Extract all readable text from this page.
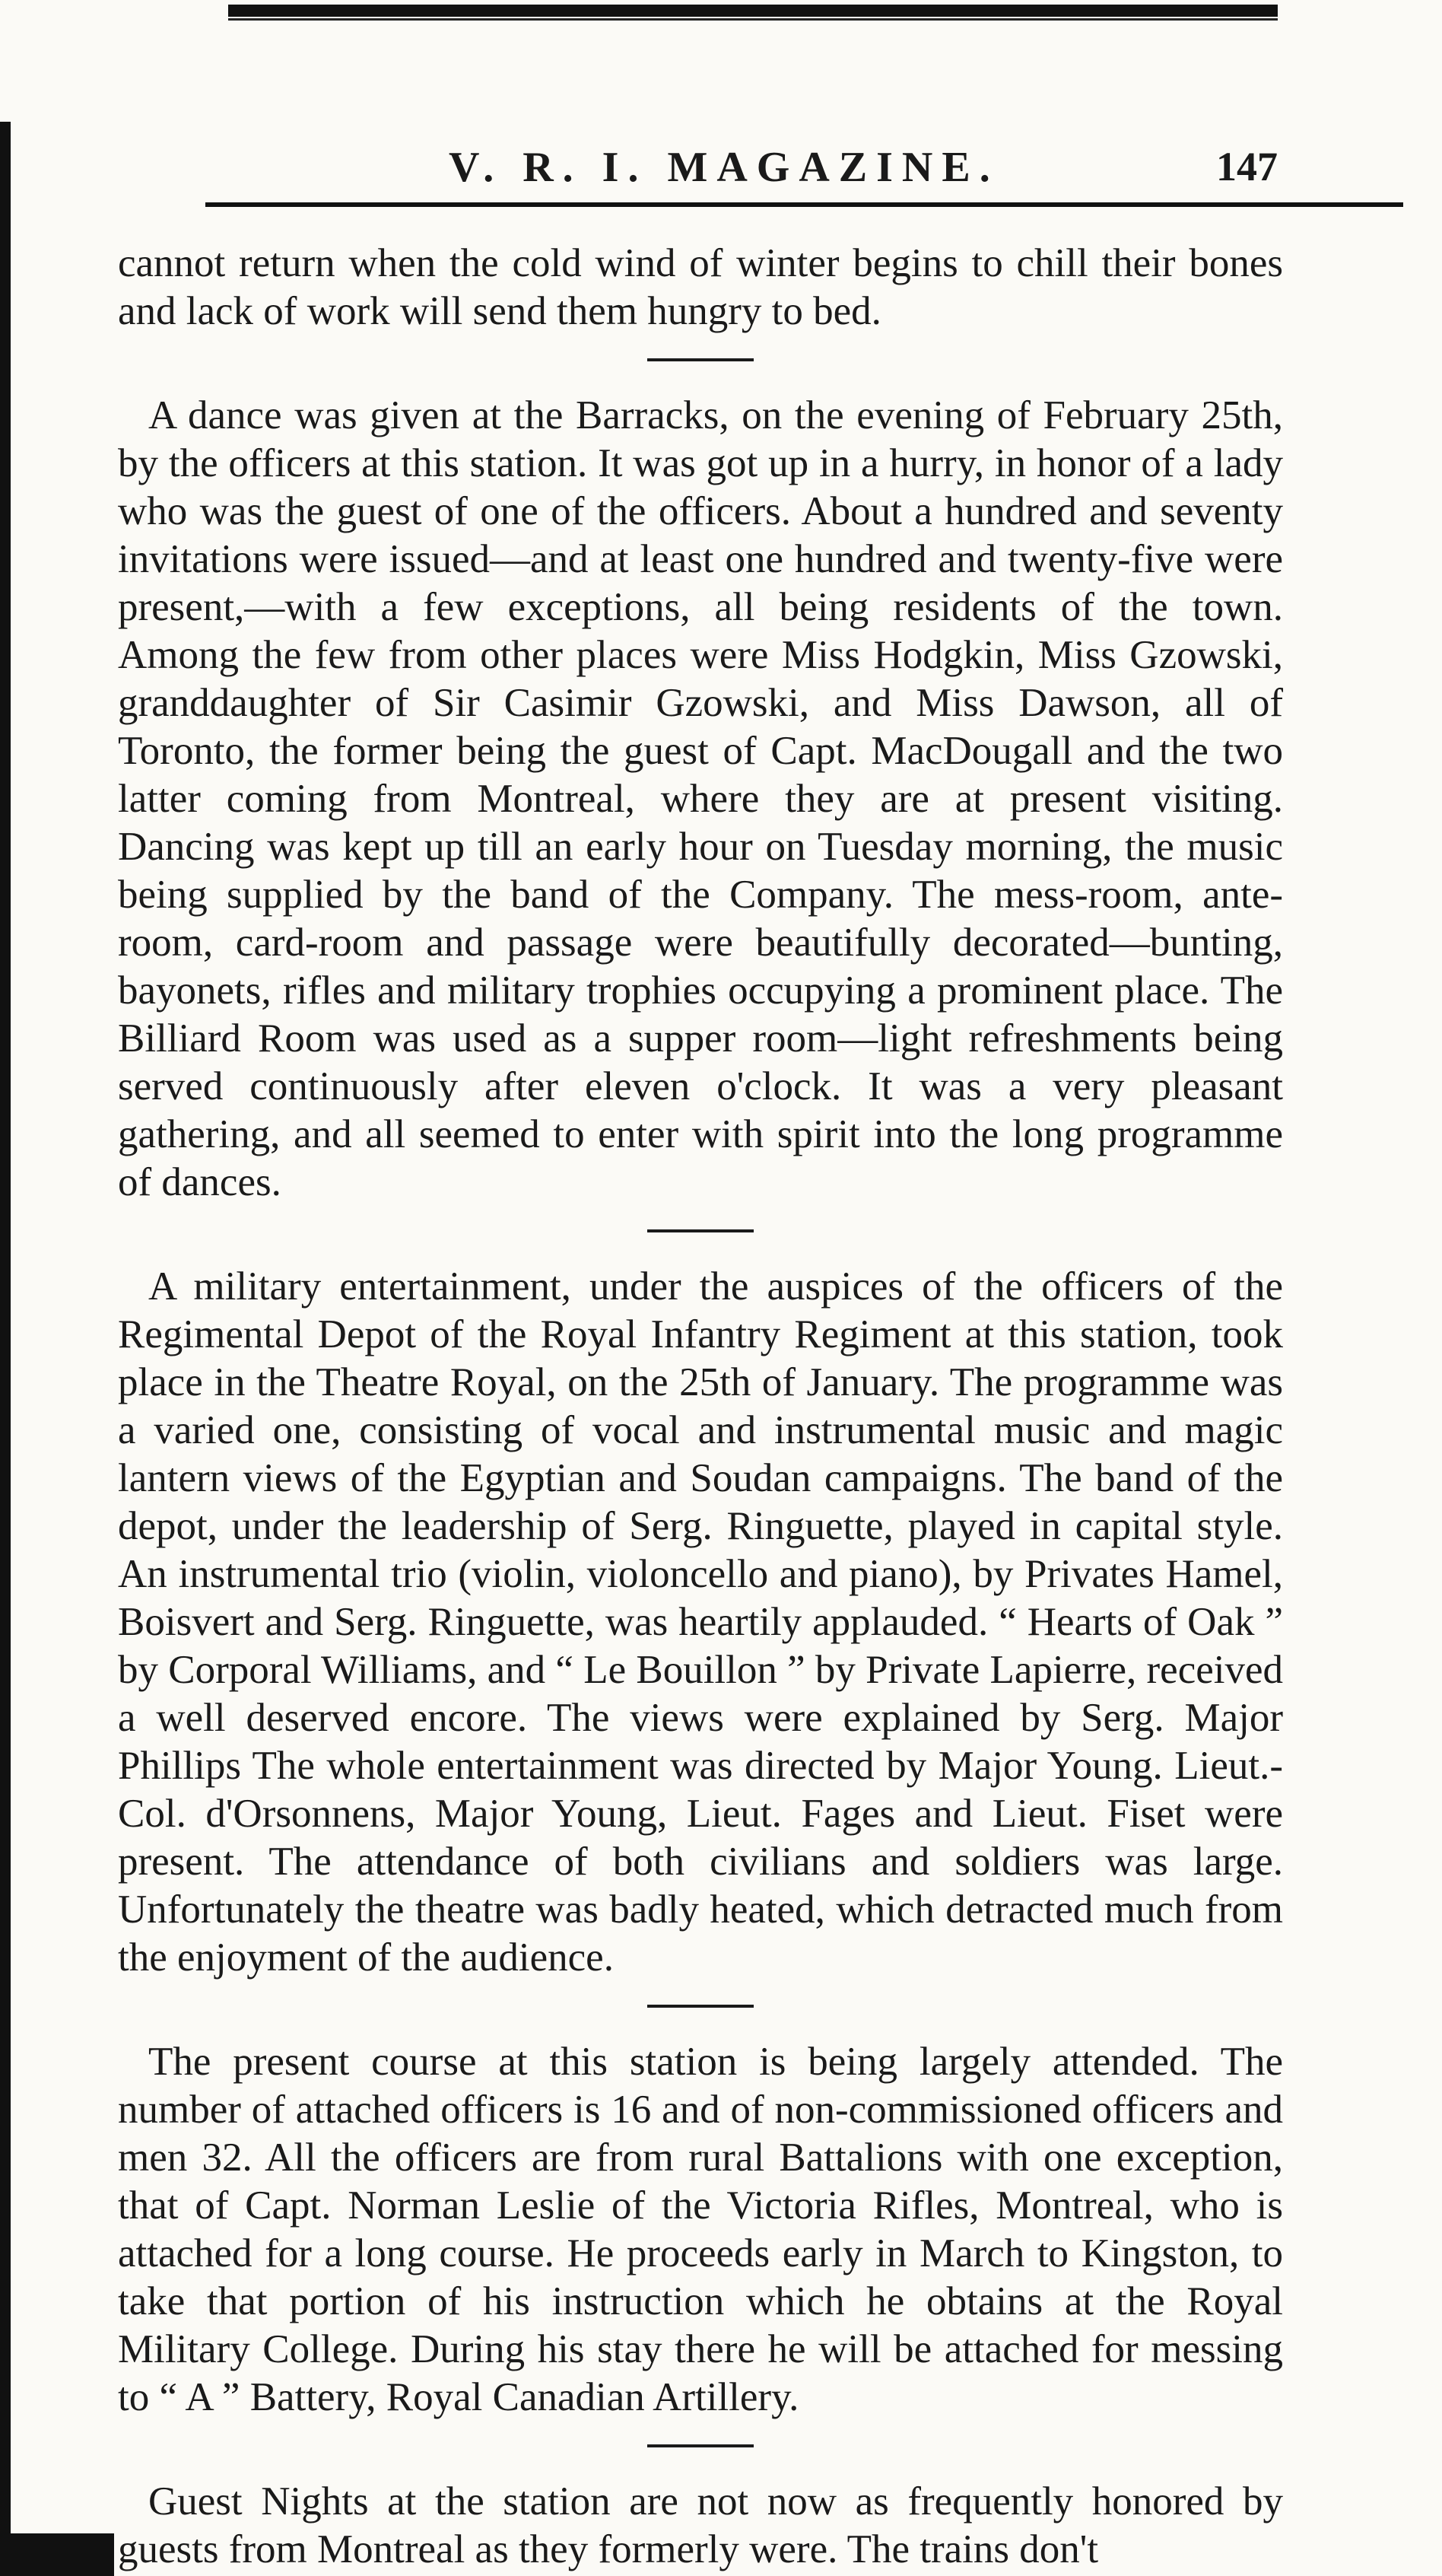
V. R. I. MAGAZINE.	147

cannot return when the cold wind of winter begins to chill their bones and lack of work will send them hungry to bed.

A dance was given at the Barracks, on the evening of February 25th, by the officers at this station. It was got up in a hurry, in honor of a lady who was the guest of one of the officers. About a hundred and seventy invitations were issued—and at least one hundred and twenty-five were present,—with a few exceptions, all being residents of the town. Among the few from other places were Miss Hodgkin, Miss Gzowski, granddaughter of Sir Casimir Gzowski, and Miss Dawson, all of Toronto, the former being the guest of Capt. MacDougall and the two latter coming from Montreal, where they are at present visiting. Dancing was kept up till an early hour on Tuesday morning, the music being supplied by the band of the Company. The mess-room, ante-room, card-room and passage were beautifully decorated—bunting, bayonets, rifles and military trophies occupying a prominent place. The Billiard Room was used as a supper room—light refreshments being served continuously after eleven o'clock. It was a very pleasant gathering, and all seemed to enter with spirit into the long programme of dances.

A military entertainment, under the auspices of the officers of the Regimental Depot of the Royal Infantry Regiment at this station, took place in the Theatre Royal, on the 25th of January. The programme was a varied one, consisting of vocal and instrumental music and magic lantern views of the Egyptian and Soudan campaigns. The band of the depot, under the leadership of Serg. Ringuette, played in capital style. An instrumental trio (violin, violoncello and piano), by Privates Hamel, Boisvert and Serg. Ringuette, was heartily applauded. “ Hearts of Oak ” by Corporal Williams, and “ Le Bouillon ” by Private Lapierre, received a well deserved encore. The views were explained by Serg. Major Phillips The whole entertainment was directed by Major Young. Lieut.-Col. d'Orsonnens, Major Young, Lieut. Fages and Lieut. Fiset were present. The attendance of both civilians and soldiers was large. Unfortunately the theatre was badly heated, which detracted much from the enjoyment of the audience.

The present course at this station is being largely attended. The number of attached officers is 16 and of non-commissioned officers and men 32. All the officers are from rural Battalions with one exception, that of Capt. Norman Leslie of the Victoria Rifles, Montreal, who is attached for a long course. He proceeds early in March to Kingston, to take that portion of his instruction which he obtains at the Royal Military College. During his stay there he will be attached for messing to “ A ” Battery, Royal Canadian Artillery.

Guest Nights at the station are not now as frequently honored by guests from Montreal as they formerly were. The trains don't
